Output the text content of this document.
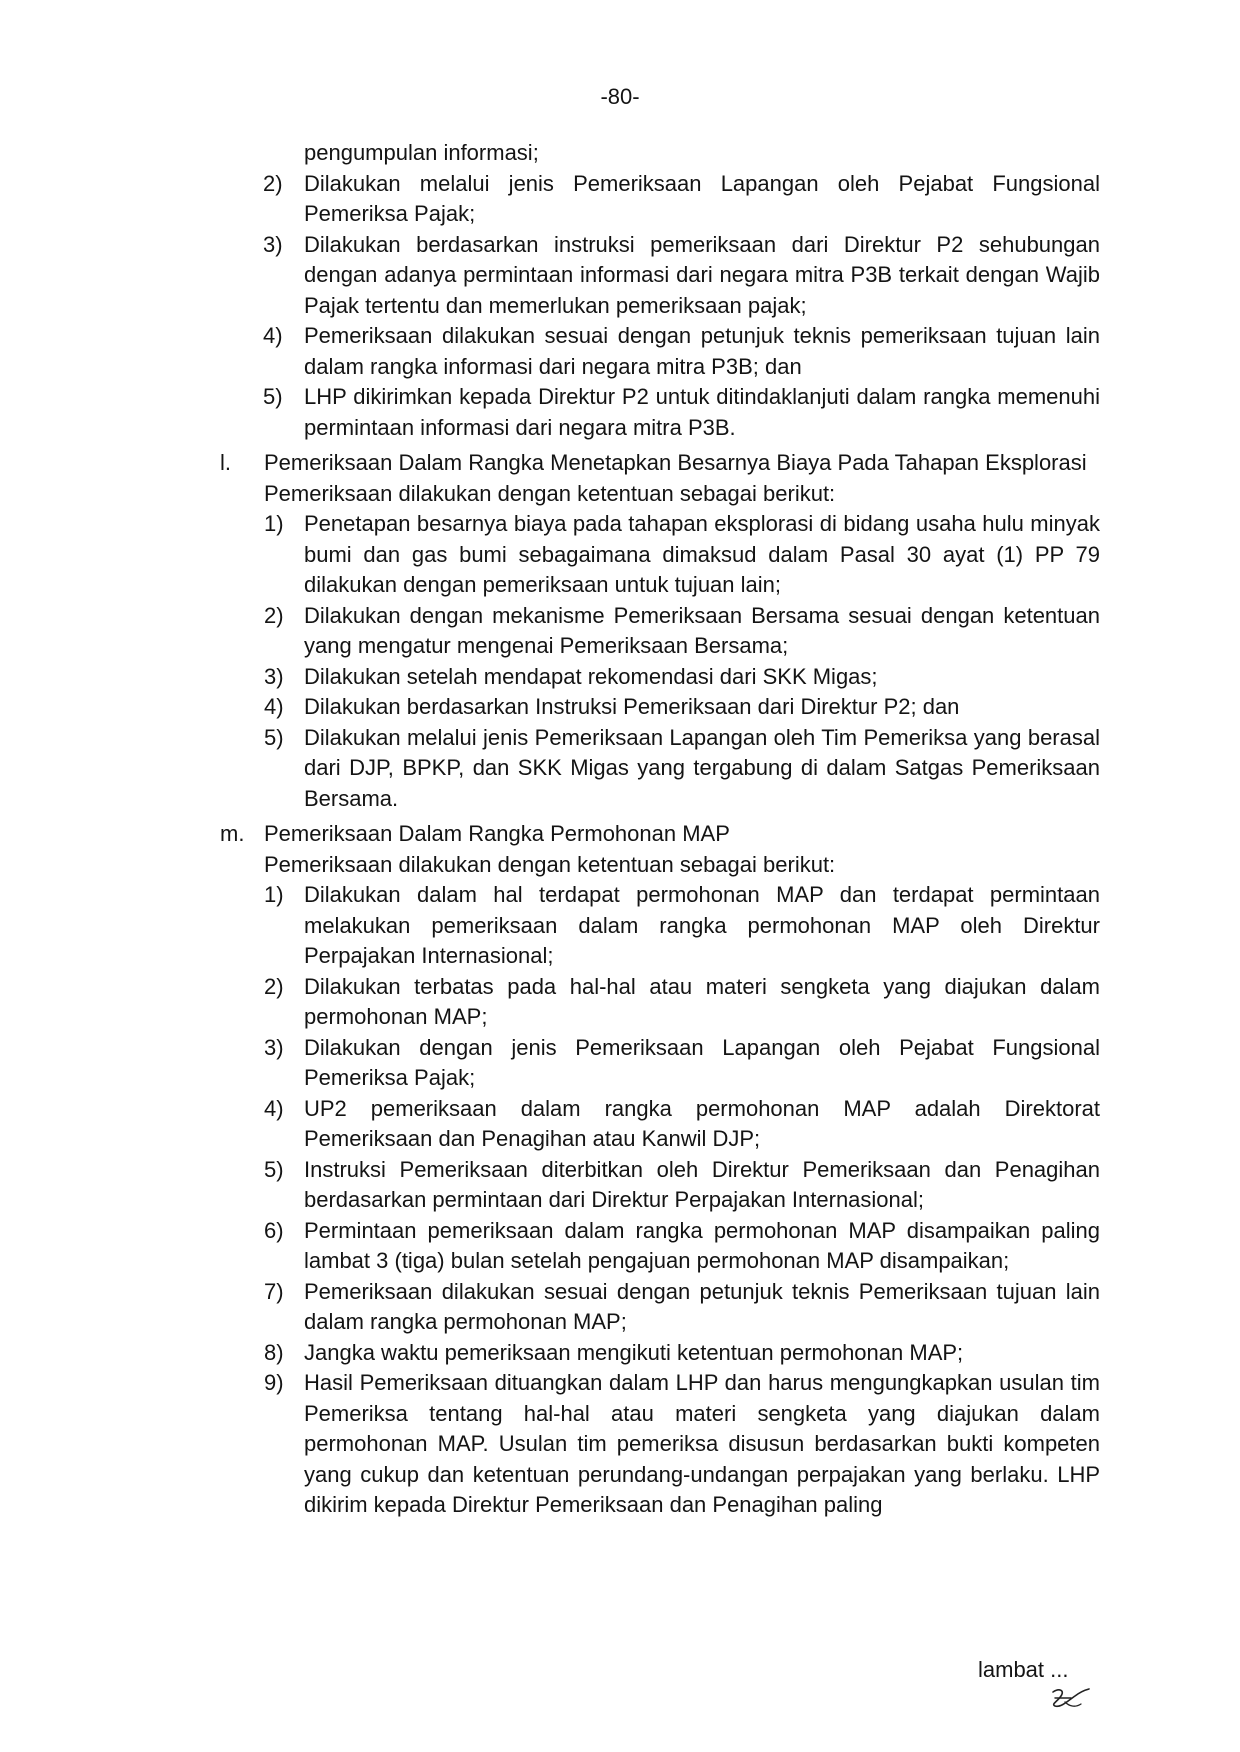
-80-
pengumpulan informasi;
2) Dilakukan melalui jenis Pemeriksaan Lapangan oleh Pejabat Fungsional Pemeriksa Pajak;
3) Dilakukan berdasarkan instruksi pemeriksaan dari Direktur P2 sehubungan dengan adanya permintaan informasi dari negara mitra P3B terkait dengan Wajib Pajak tertentu dan memerlukan pemeriksaan pajak;
4) Pemeriksaan dilakukan sesuai dengan petunjuk teknis pemeriksaan tujuan lain dalam rangka informasi dari negara mitra P3B; dan
5) LHP dikirimkan kepada Direktur P2 untuk ditindaklanjuti dalam rangka memenuhi permintaan informasi dari negara mitra P3B.
l.	Pemeriksaan Dalam Rangka Menetapkan Besarnya Biaya Pada Tahapan Eksplorasi
Pemeriksaan dilakukan dengan ketentuan sebagai berikut:
1) Penetapan besarnya biaya pada tahapan eksplorasi di bidang usaha hulu minyak bumi dan gas bumi sebagaimana dimaksud dalam Pasal 30 ayat (1) PP 79 dilakukan dengan pemeriksaan untuk tujuan lain;
2) Dilakukan dengan mekanisme Pemeriksaan Bersama sesuai dengan ketentuan yang mengatur mengenai Pemeriksaan Bersama;
3) Dilakukan setelah mendapat rekomendasi dari SKK Migas;
4) Dilakukan berdasarkan Instruksi Pemeriksaan dari Direktur P2; dan
5) Dilakukan melalui jenis Pemeriksaan Lapangan oleh Tim Pemeriksa yang berasal dari DJP, BPKP, dan SKK Migas yang tergabung di dalam Satgas Pemeriksaan Bersama.
m. Pemeriksaan Dalam Rangka Permohonan MAP
Pemeriksaan dilakukan dengan ketentuan sebagai berikut:
1) Dilakukan dalam hal terdapat permohonan MAP dan terdapat permintaan melakukan pemeriksaan dalam rangka permohonan MAP oleh Direktur Perpajakan Internasional;
2) Dilakukan terbatas pada hal-hal atau materi sengketa yang diajukan dalam permohonan MAP;
3) Dilakukan dengan jenis Pemeriksaan Lapangan oleh Pejabat Fungsional Pemeriksa Pajak;
4) UP2 pemeriksaan dalam rangka permohonan MAP adalah Direktorat Pemeriksaan dan Penagihan atau Kanwil DJP;
5) Instruksi Pemeriksaan diterbitkan oleh Direktur Pemeriksaan dan Penagihan berdasarkan permintaan dari Direktur Perpajakan Internasional;
6) Permintaan pemeriksaan dalam rangka permohonan MAP disampaikan paling lambat 3 (tiga) bulan setelah pengajuan permohonan MAP disampaikan;
7) Pemeriksaan dilakukan sesuai dengan petunjuk teknis Pemeriksaan tujuan lain dalam rangka permohonan MAP;
8) Jangka waktu pemeriksaan mengikuti ketentuan permohonan MAP;
9) Hasil Pemeriksaan dituangkan dalam LHP dan harus mengungkapkan usulan tim Pemeriksa tentang hal-hal atau materi sengketa yang diajukan dalam permohonan MAP. Usulan tim pemeriksa disusun berdasarkan bukti kompeten yang cukup dan ketentuan perundang-undangan perpajakan yang berlaku. LHP dikirim kepada Direktur Pemeriksaan dan Penagihan paling
lambat ...
